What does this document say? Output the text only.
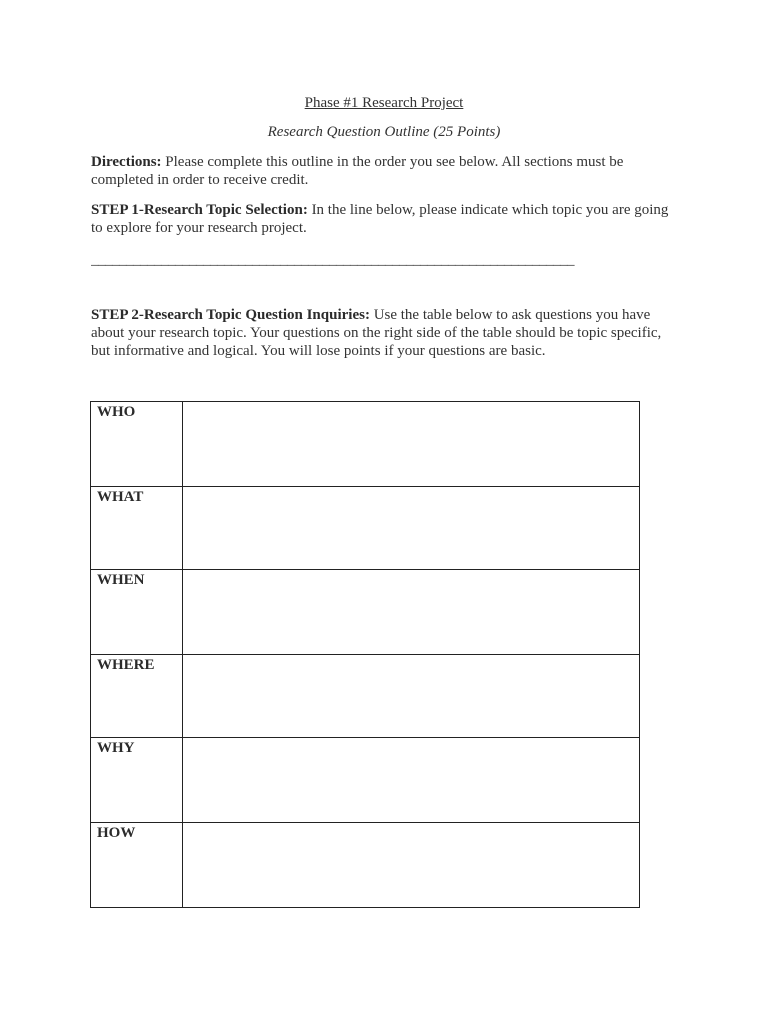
Phase #1 Research Project
Research Question Outline (25 Points)

Directions: Please complete this outline in the order you see below. All sections must be completed in order to receive credit.

STEP 1-Research Topic Selection: In the line below, please indicate which topic you are going to explore for your research project.

_____________________________________________________________________

STEP 2-Research Topic Question Inquiries: Use the table below to ask questions you have about your research topic. Your questions on the right side of the table should be topic specific, but informative and logical. You will lose points if your questions are basic.

WHO	
WHAT	
WHEN	
WHERE	
WHY	
HOW	
